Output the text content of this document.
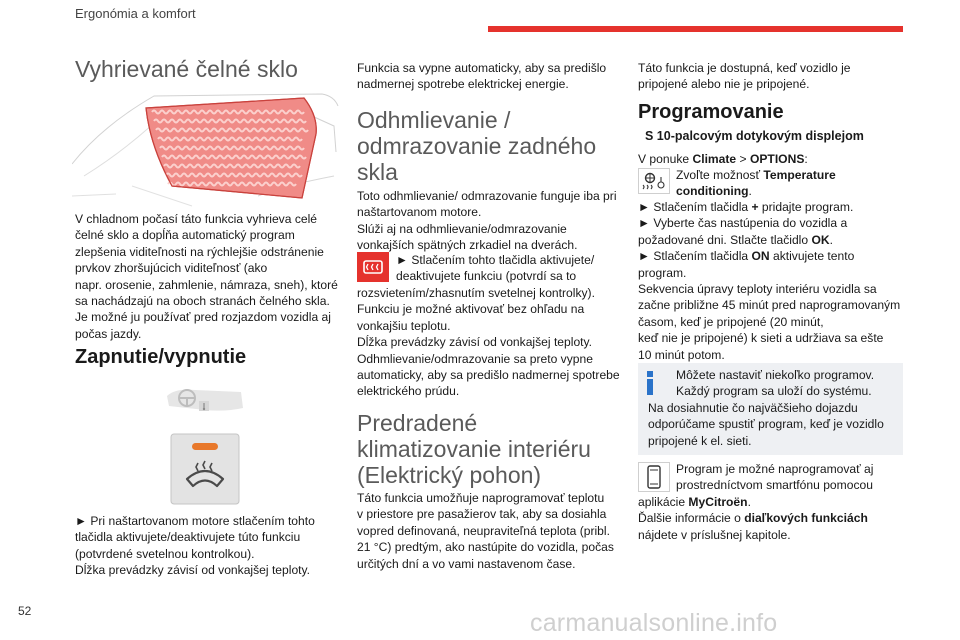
Ergonómia a komfort
Vyhrievané čelné sklo

V chladnom počasí táto funkcia vyhrieva celé

čelné sklo a dopĺňa automatický program

zlepšenia viditeľnosti na rýchlejšie odstránenie

prvkov zhoršujúcich viditeľnosť (ako

napr. orosenie, zahmlenie, námraza, sneh), ktoré

sa nachádzajú na oboch stranách čelného skla.

Je možné ju používať pred rozjazdom vozidla aj

počas jazdy.

Zapnutie/vypnutie

► Pri naštartovanom motore stlačením tohto

tlačidla aktivujete/deaktivujete túto funkciu

(potvrdené svetelnou kontrolkou).

Dĺžka prevádzky závisí od vonkajšej teploty.

Funkcia sa vypne automaticky, aby sa predišlo

nadmernej spotrebe elektrickej energie.

Odhmlievanie /

odmrazovanie zadného

skla

Toto odhmlievanie/ odmrazovanie funguje iba pri

naštartovanom motore.

Slúži aj na odhmlievanie/odmrazovanie

vonkajších spätných zrkadiel na dverách.

► Stlačením tohto tlačidla aktivujete/

deaktivujete funkciu (potvrdí sa to

rozsvietením/zhasnutím svetelnej kontrolky).

Funkciu je možné aktivovať bez ohľadu na

vonkajšiu teplotu.

Dĺžka prevádzky závisí od vonkajšej teploty.

Odhmlievanie/odmrazovanie sa preto vypne

automaticky, aby sa predišlo nadmernej spotrebe

elektrického prúdu.

Predradené

klimatizovanie interiéru

(Elektrický pohon)

Táto funkcia umožňuje naprogramovať teplotu

v priestore pre pasažierov tak, aby sa dosiahla

vopred definovaná, neupraviteľná teplota (pribl.

21 °C) predtým, ako nastúpite do vozidla, počas

určitých dní a vo vami nastavenom čase.

Táto funkcia je dostupná, keď vozidlo je

pripojené alebo nie je pripojené.

Programovanie
S 10-palcovým dotykovým displejom
V ponuke Climate > OPTIONS:

Zvoľte možnosť Temperature

conditioning.

► Stlačením tlačidla + pridajte program.

► Vyberte čas nastúpenia do vozidla a

požadované dni. Stlačte tlačidlo OK.

► Stlačením tlačidla ON aktivujete tento

program.

Sekvencia úpravy teploty interiéru vozidla sa

začne približne 45 minút pred naprogramovaným

časom, keď je pripojené (20 minút,

keď nie je pripojené) k sieti a udržiava sa ešte

10 minút potom.

Môžete nastaviť niekoľko programov.

Každý program sa uloží do systému.

Na dosiahnutie čo najväčšieho dojazdu

odporúčame spustiť program, keď je vozidlo

pripojené k el. sieti.

Program je možné naprogramovať aj

prostredníctvom smartfónu pomocou

aplikácie MyCitroën.

Ďalšie informácie o diaľkových funkciách

nájdete v príslušnej kapitole.

52	carmanualsonline.info
